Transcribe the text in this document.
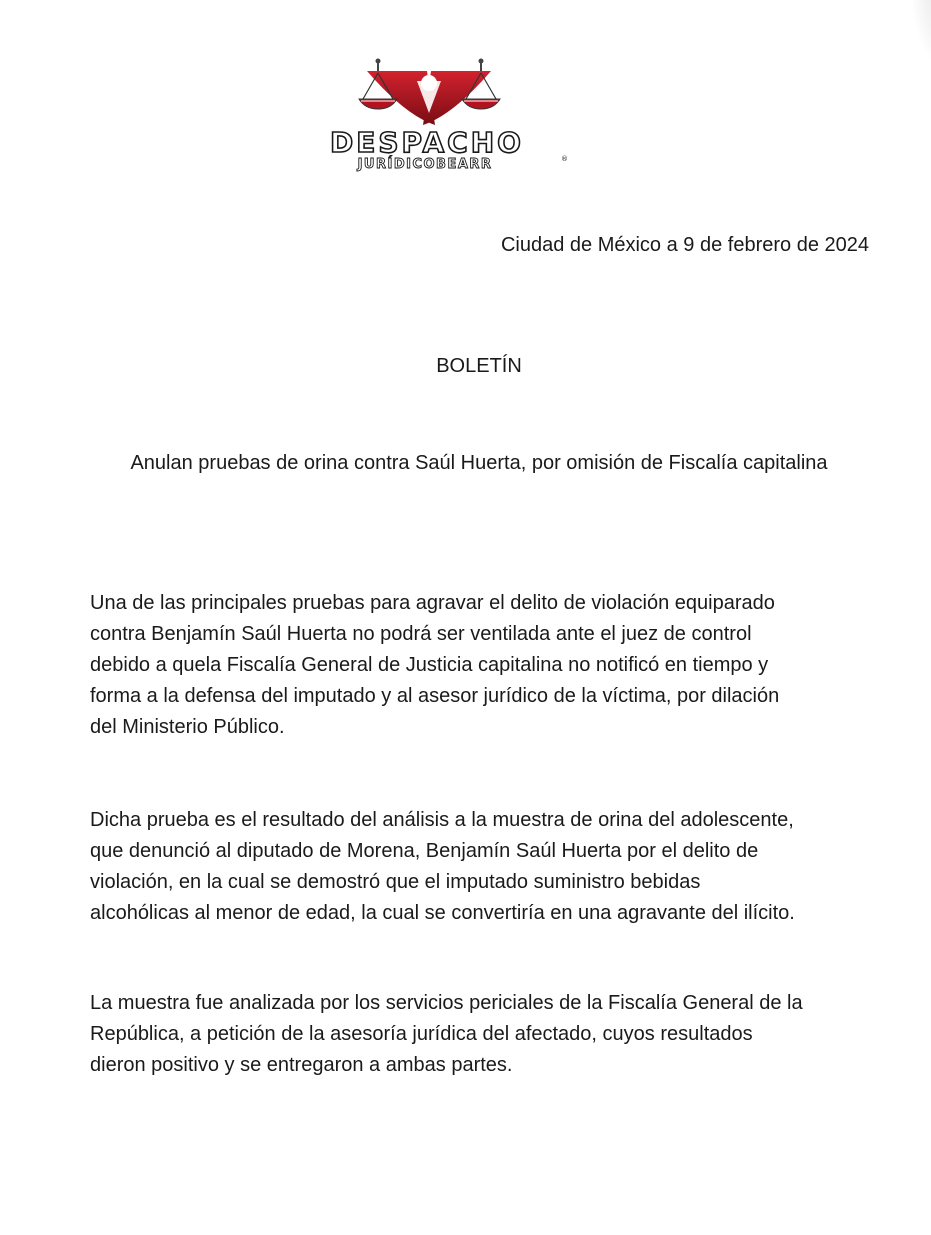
DESPACHO
JURÍDICOBEARR	®

Ciudad de México a 9 de febrero de 2024

BOLETÍN

Anulan pruebas de orina contra Saúl Huerta, por omisión de Fiscalía capitalina

Una de las principales pruebas para agravar el delito de violación equiparado
contra Benjamín Saúl Huerta no podrá ser ventilada ante el juez de control
debido a quela Fiscalía General de Justicia capitalina no notificó en tiempo y
forma a la defensa del imputado y al asesor jurídico de la víctima, por dilación
del Ministerio Público.

Dicha prueba es el resultado del análisis a la muestra de orina del adolescente,
que denunció al diputado de Morena, Benjamín Saúl Huerta por el delito de
violación, en la cual se demostró que el imputado suministro bebidas
alcohólicas al menor de edad, la cual se convertiría en una agravante del ilícito.

La muestra fue analizada por los servicios periciales de la Fiscalía General de la
República, a petición de la asesoría jurídica del afectado, cuyos resultados
dieron positivo y se entregaron a ambas partes.
